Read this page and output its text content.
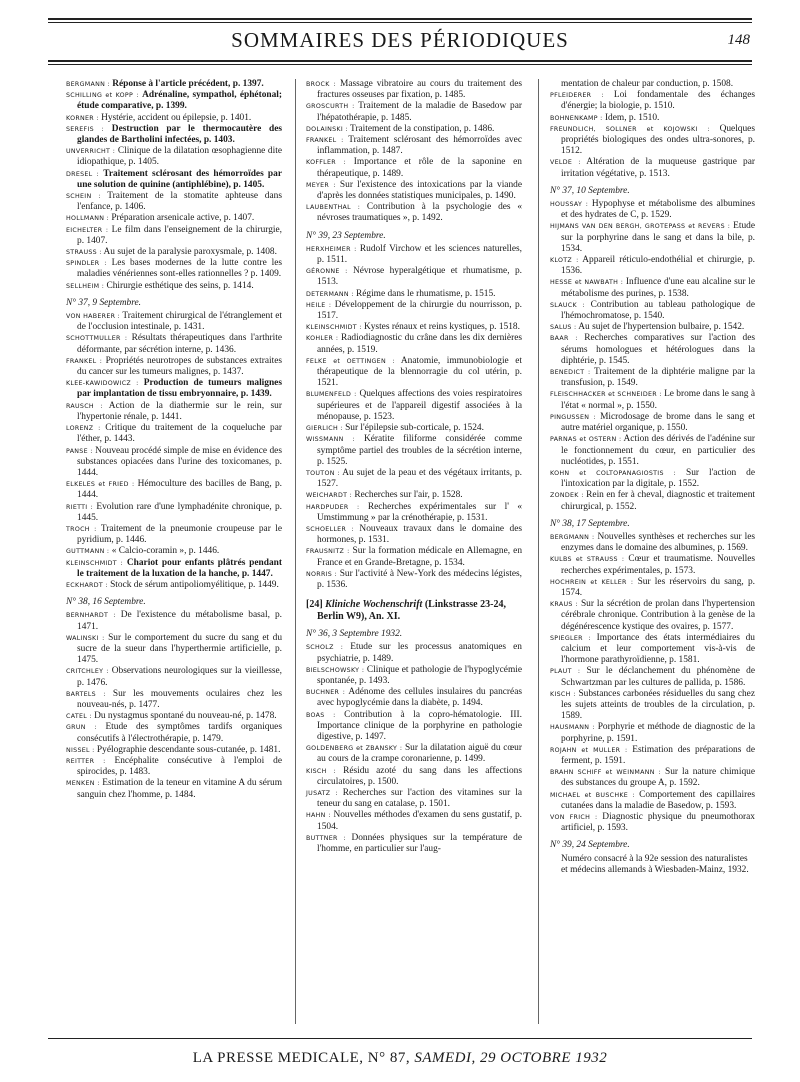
SOMMAIRES DES PÉRIODIQUES	148

BERGMANN : Réponse à l'article précédent, p. 1397.

SCHILLING et KOPP : Adrénaline, sympathol, éphétonal; étude comparative, p. 1399.

KORNER : Hystérie, accident ou épilepsie, p. 1401.

SEREFIS : Destruction par le thermocautère des glandes de Bartholini infectées, p. 1403.

UNVERRICHT : Clinique de la dilatation œsophagienne dite idiopathique, p. 1405.

DRESEL : Traitement sclérosant des hémorroïdes par une solution de quinine (antiphlébine), p. 1405.

SCHEIN : Traitement de la stomatite aphteuse dans l'enfance, p. 1406.

HOLLMANN : Préparation arsenicale active, p. 1407.

EICHELTER : Le film dans l'enseignement de la chirurgie, p. 1407.

STRAUSS : Au sujet de la paralysie paroxysmale, p. 1408.

SPINDLER : Les bases modernes de la lutte contre les maladies vénériennes sont-elles rationnelles ? p. 1409.

SELLHEIM : Chirurgie esthétique des seins, p. 1414.

N° 37, 9 Septembre.

VON HABERER : Traitement chirurgical de l'étranglement et de l'occlusion intestinale, p. 1431.

SCHOTTMULLER : Résultats thérapeutiques dans l'arthrite déformante, par sécrétion interne, p. 1436.

FRANKEL : Propriétés neurotropes de substances extraites du cancer sur les tumeurs malignes, p. 1437.

KLEE-KAWIDOWICZ : Production de tumeurs malignes par implantation de tissu embryonnaire, p. 1439.

RAUSCH : Action de la diathermie sur le rein, sur l'hypertonie rénale, p. 1441.

LORENZ : Critique du traitement de la coqueluche par l'éther, p. 1443.

PANSE : Nouveau procédé simple de mise en évidence des substances opiacées dans l'urine des toxicomanes, p. 1444.

ELKELES et FRIED : Hémoculture des bacilles de Bang, p. 1444.

RIETTI : Evolution rare d'une lymphadénite chronique, p. 1445.

TROCH : Traitement de la pneumonie croupeuse par le pyridium, p. 1446.

GUTTMANN : « Calcio-coramin », p. 1446.

KLEINSCHMIDT : Chariot pour enfants plâtrés pendant le traitement de la luxation de la hanche, p. 1447.

ECKHARDT : Stock de sérum antipoliomyélitique, p. 1449.

N° 38, 16 Septembre.

BERNHARDT : De l'existence du métabolisme basal, p. 1471.

WALINSKI : Sur le comportement du sucre du sang et du sucre de la sueur dans l'hyperthermie artificielle, p. 1475.

CRITCHLEY : Observations neurologiques sur la vieillesse, p. 1476.

BARTELS : Sur les mouvements oculaires chez les nouveau-nés, p. 1477.

CATEL : Du nystagmus spontané du nouveau-né, p. 1478.

GRUN : Etude des symptômes tardifs organiques consécutifs à l'électrothérapie, p. 1479.

NISSEL : Pyélographie descendante sous-cutanée, p. 1481.

REITTER : Encéphalite consécutive à l'emploi de spirocides, p. 1483.

MENKEN : Estimation de la teneur en vitamine A du sérum sanguin chez l'homme, p. 1484.

BROCK : Massage vibratoire au cours du traitement des fractures osseuses par fixation, p. 1485.

GROSCURTH : Traitement de la maladie de Basedow par l'hépatothérapie, p. 1485.

DOLAINSKI : Traitement de la constipation, p. 1486.

FRANKEL : Traitement sclérosant des hémorroïdes avec inflammation, p. 1487.

KOFFLER : Importance et rôle de la saponine en thérapeutique, p. 1489.

MEYER : Sur l'existence des intoxications par la viande d'après les données statistiques municipales, p. 1490.

LAUBENTHAL : Contribution à la psychologie des « névroses traumatiques », p. 1492.

N° 39, 23 Septembre.

HERXHEIMER : Rudolf Virchow et les sciences naturelles, p. 1511.

GÉRONNE : Névrose hyperalgétique et rhumatisme, p. 1513.

DETERMANN : Régime dans le rhumatisme, p. 1515.

HEILE : Développement de la chirurgie du nourrisson, p. 1517.

KLEINSCHMIDT : Kystes rénaux et reins kystiques, p. 1518.

KOHLER : Radiodiagnostic du crâne dans les dix dernières années, p. 1519.

FELKE et OETTINGEN : Anatomie, immunobiologie et thérapeutique de la blennorragie du col utérin, p. 1521.

BLUMENFELD : Quelques affections des voies respiratoires supérieures et de l'appareil digestif associées à la ménopause, p. 1523.

GIERLICH : Sur l'épilepsie sub-corticale, p. 1524.

WISSMANN : Kératite filiforme considérée comme symptôme partiel des troubles de la sécrétion interne, p. 1525.

TOUTON : Au sujet de la peau et des végétaux irritants, p. 1527.

WEICHARDT : Recherches sur l'air, p. 1528.

HARDPUDER : Recherches expérimentales sur l' « Umstimmung » par la crénothérapie, p. 1531.

SCHOELLER : Nouveaux travaux dans le domaine des hormones, p. 1531.

FRAUSNITZ : Sur la formation médicale en Allemagne, en France et en Grande-Bretagne, p. 1534.

NORRIS : Sur l'activité à New-York des médecins légistes, p. 1536.

[24] Kliniche Wochenschrift (Linkstrasse 23-24, Berlin W9), An. XI.
N° 36, 3 Septembre 1932.

SCHOLZ : Etude sur les processus anatomiques en psychiatrie, p. 1489.

BIELSCHOWSKY : Clinique et pathologie de l'hypoglycémie spontanée, p. 1493.

BUCHNER : Adénome des cellules insulaires du pancréas avec hypoglycémie dans la diabète, p. 1494.

BOAS : Contribution à la copro-hématologie. III. Importance clinique de la porphyrine en pathologie digestive, p. 1497.

GOLDENBERG et ZBANSKY : Sur la dilatation aiguë du cœur au cours de la crampe coronarienne, p. 1499.

KISCH : Résidu azoté du sang dans les affections circulatoires, p. 1500.

JUSATZ : Recherches sur l'action des vitamines sur la teneur du sang en catalase, p. 1501.

HAHN : Nouvelles méthodes d'examen du sens gustatif, p. 1504.

BUTTNER : Données physiques sur la température de l'homme, en particulier sur l'aug-

mentation de chaleur par conduction, p. 1508.

PFLEIDERER : Loi fondamentale des échanges d'énergie; la biologie, p. 1510.

BOHNENKAMP : Idem, p. 1510.

FREUNDLICH, SOLLNER et KOJOWSKI : Quelques propriétés biologiques des ondes ultra-sonores, p. 1512.

VELDE : Altération de la muqueuse gastrique par irritation végétative, p. 1513.

N° 37, 10 Septembre.

HOUSSAY : Hypophyse et métabolisme des albumines et des hydrates de C, p. 1529.

HIJMANS VAN DEN BERGH, GROTEPASS et REVERS : Etude sur la porphyrine dans le sang et dans la bile, p. 1534.

KLOTZ : Appareil réticulo-endothélial et chirurgie, p. 1536.

HESSE et NAWBATH : Influence d'une eau alcaline sur le métabolisme des purines, p. 1538.

SLAUCK : Contribution au tableau pathologique de l'hémochromatose, p. 1540.

SALUS : Au sujet de l'hypertension bulbaire, p. 1542.

BAAR : Recherches comparatives sur l'action des sérums homologues et hétérologues dans la diphtérie, p. 1545.

BENEDICT : Traitement de la diphtérie maligne par la transfusion, p. 1549.

FLEISCHHACKER et SCHNEIDER : Le brome dans le sang à l'état « normal », p. 1550.

PINGUSSEN : Microdosage de brome dans le sang et autre matériel organique, p. 1550.

PARNAS et OSTERN : Action des dérivés de l'adénine sur le fonctionnement du cœur, en particulier des nucléotides, p. 1551.

KOHN et COLTOPANAGIOSTIS : Sur l'action de l'intoxication par la digitale, p. 1552.

ZONDEK : Rein en fer à cheval, diagnostic et traitement chirurgical, p. 1552.

N° 38, 17 Septembre.

BERGMANN : Nouvelles synthèses et recherches sur les enzymes dans le domaine des albumines, p. 1569.

KULBS et STRAUSS : Cœur et traumatisme. Nouvelles recherches expérimentales, p. 1573.

HOCHREIN et KELLER : Sur les réservoirs du sang, p. 1574.

KRAUS : Sur la sécrétion de prolan dans l'hypertension cérébrale chronique. Contribution à la genèse de la dégénérescence kystique des ovaires, p. 1577.

SPIEGLER : Importance des états intermédiaires du calcium et leur comportement vis-à-vis de l'hormone parathyroïdienne, p. 1581.

PLAUT : Sur le déclanchement du phénomène de Schwartzman par les cultures de pallida, p. 1586.

KISCH : Substances carbonées résiduelles du sang chez les sujets atteints de troubles de la circulation, p. 1589.

HAUSMANN : Porphyrie et méthode de diagnostic de la porphyrine, p. 1591.

ROJAHN et MULLER : Estimation des préparations de ferment, p. 1591.

BRAHN SCHIFF et WEINMANN : Sur la nature chimique des substances du groupe A, p. 1592.

MICHAEL et BUSCHKE : Comportement des capillaires cutanées dans la maladie de Basedow, p. 1593.

VON FRICH : Diagnostic physique du pneumothorax artificiel, p. 1593.

N° 39, 24 Septembre.

Numéro consacré à la 92e session des naturalistes et médecins allemands à Wiesbaden-Mainz, 1932.

LA PRESSE MEDICALE, N° 87, SAMEDI, 29 OCTOBRE 1932
